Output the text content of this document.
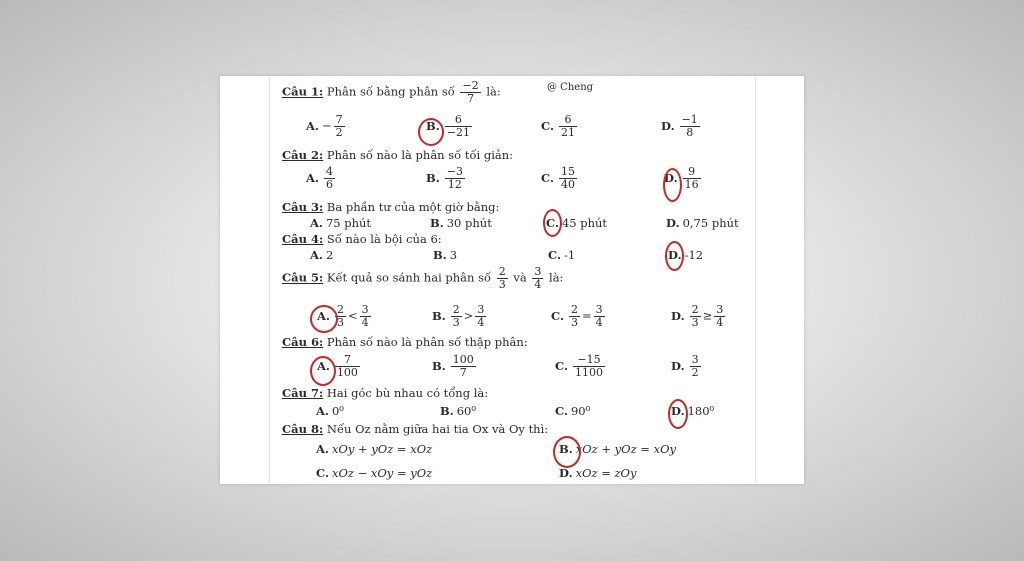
@ Cheng
Câu 1: Phân số bằng phân số $\frac{-2}{7}$ là:
A. − $\frac{7}{2}$	B. $\frac{6}{-21}$	C. $\frac{6}{21}$	D. $\frac{-1}{8}$
Câu 2: Phân số nào là phân số tối giản:
A. $\frac{4}{6}$	B. $\frac{-3}{12}$	C. $\frac{15}{40}$	D. $\frac{9}{16}$
Câu 3: Ba phần tư của một giờ bằng:
A. 75 phút	B. 30 phút	C. 45 phút	D. 0,75 phút
Câu 4: Số nào là bội của 6:
A. 2	B. 3	C. -1	D. -12
Câu 5: Kết quả so sánh hai phân số $\frac{2}{3}$ và $\frac{3}{4}$ là:
A. $\frac{2}{3} < \frac{3}{4}$	B. $\frac{2}{3} > \frac{3}{4}$	C. $\frac{2}{3} = \frac{3}{4}$	D. $\frac{2}{3} \ge \frac{3}{4}$
Câu 6: Phân số nào là phân số thập phân:
A. $\frac{7}{100}$	B. $\frac{100}{7}$	C. $\frac{-15}{1100}$	D. $\frac{3}{2}$
Câu 7: Hai góc bù nhau có tổng là:
A. 0⁰	B. 60⁰	C. 90⁰	D. 180⁰
Câu 8: Nếu Oz nằm giữa hai tia Ox và Oy thì:
A. xOy + yOz = xOz	B. xOz + yOz = xOy
C. xOz − xOy = yOz	D. xOz = zOy
